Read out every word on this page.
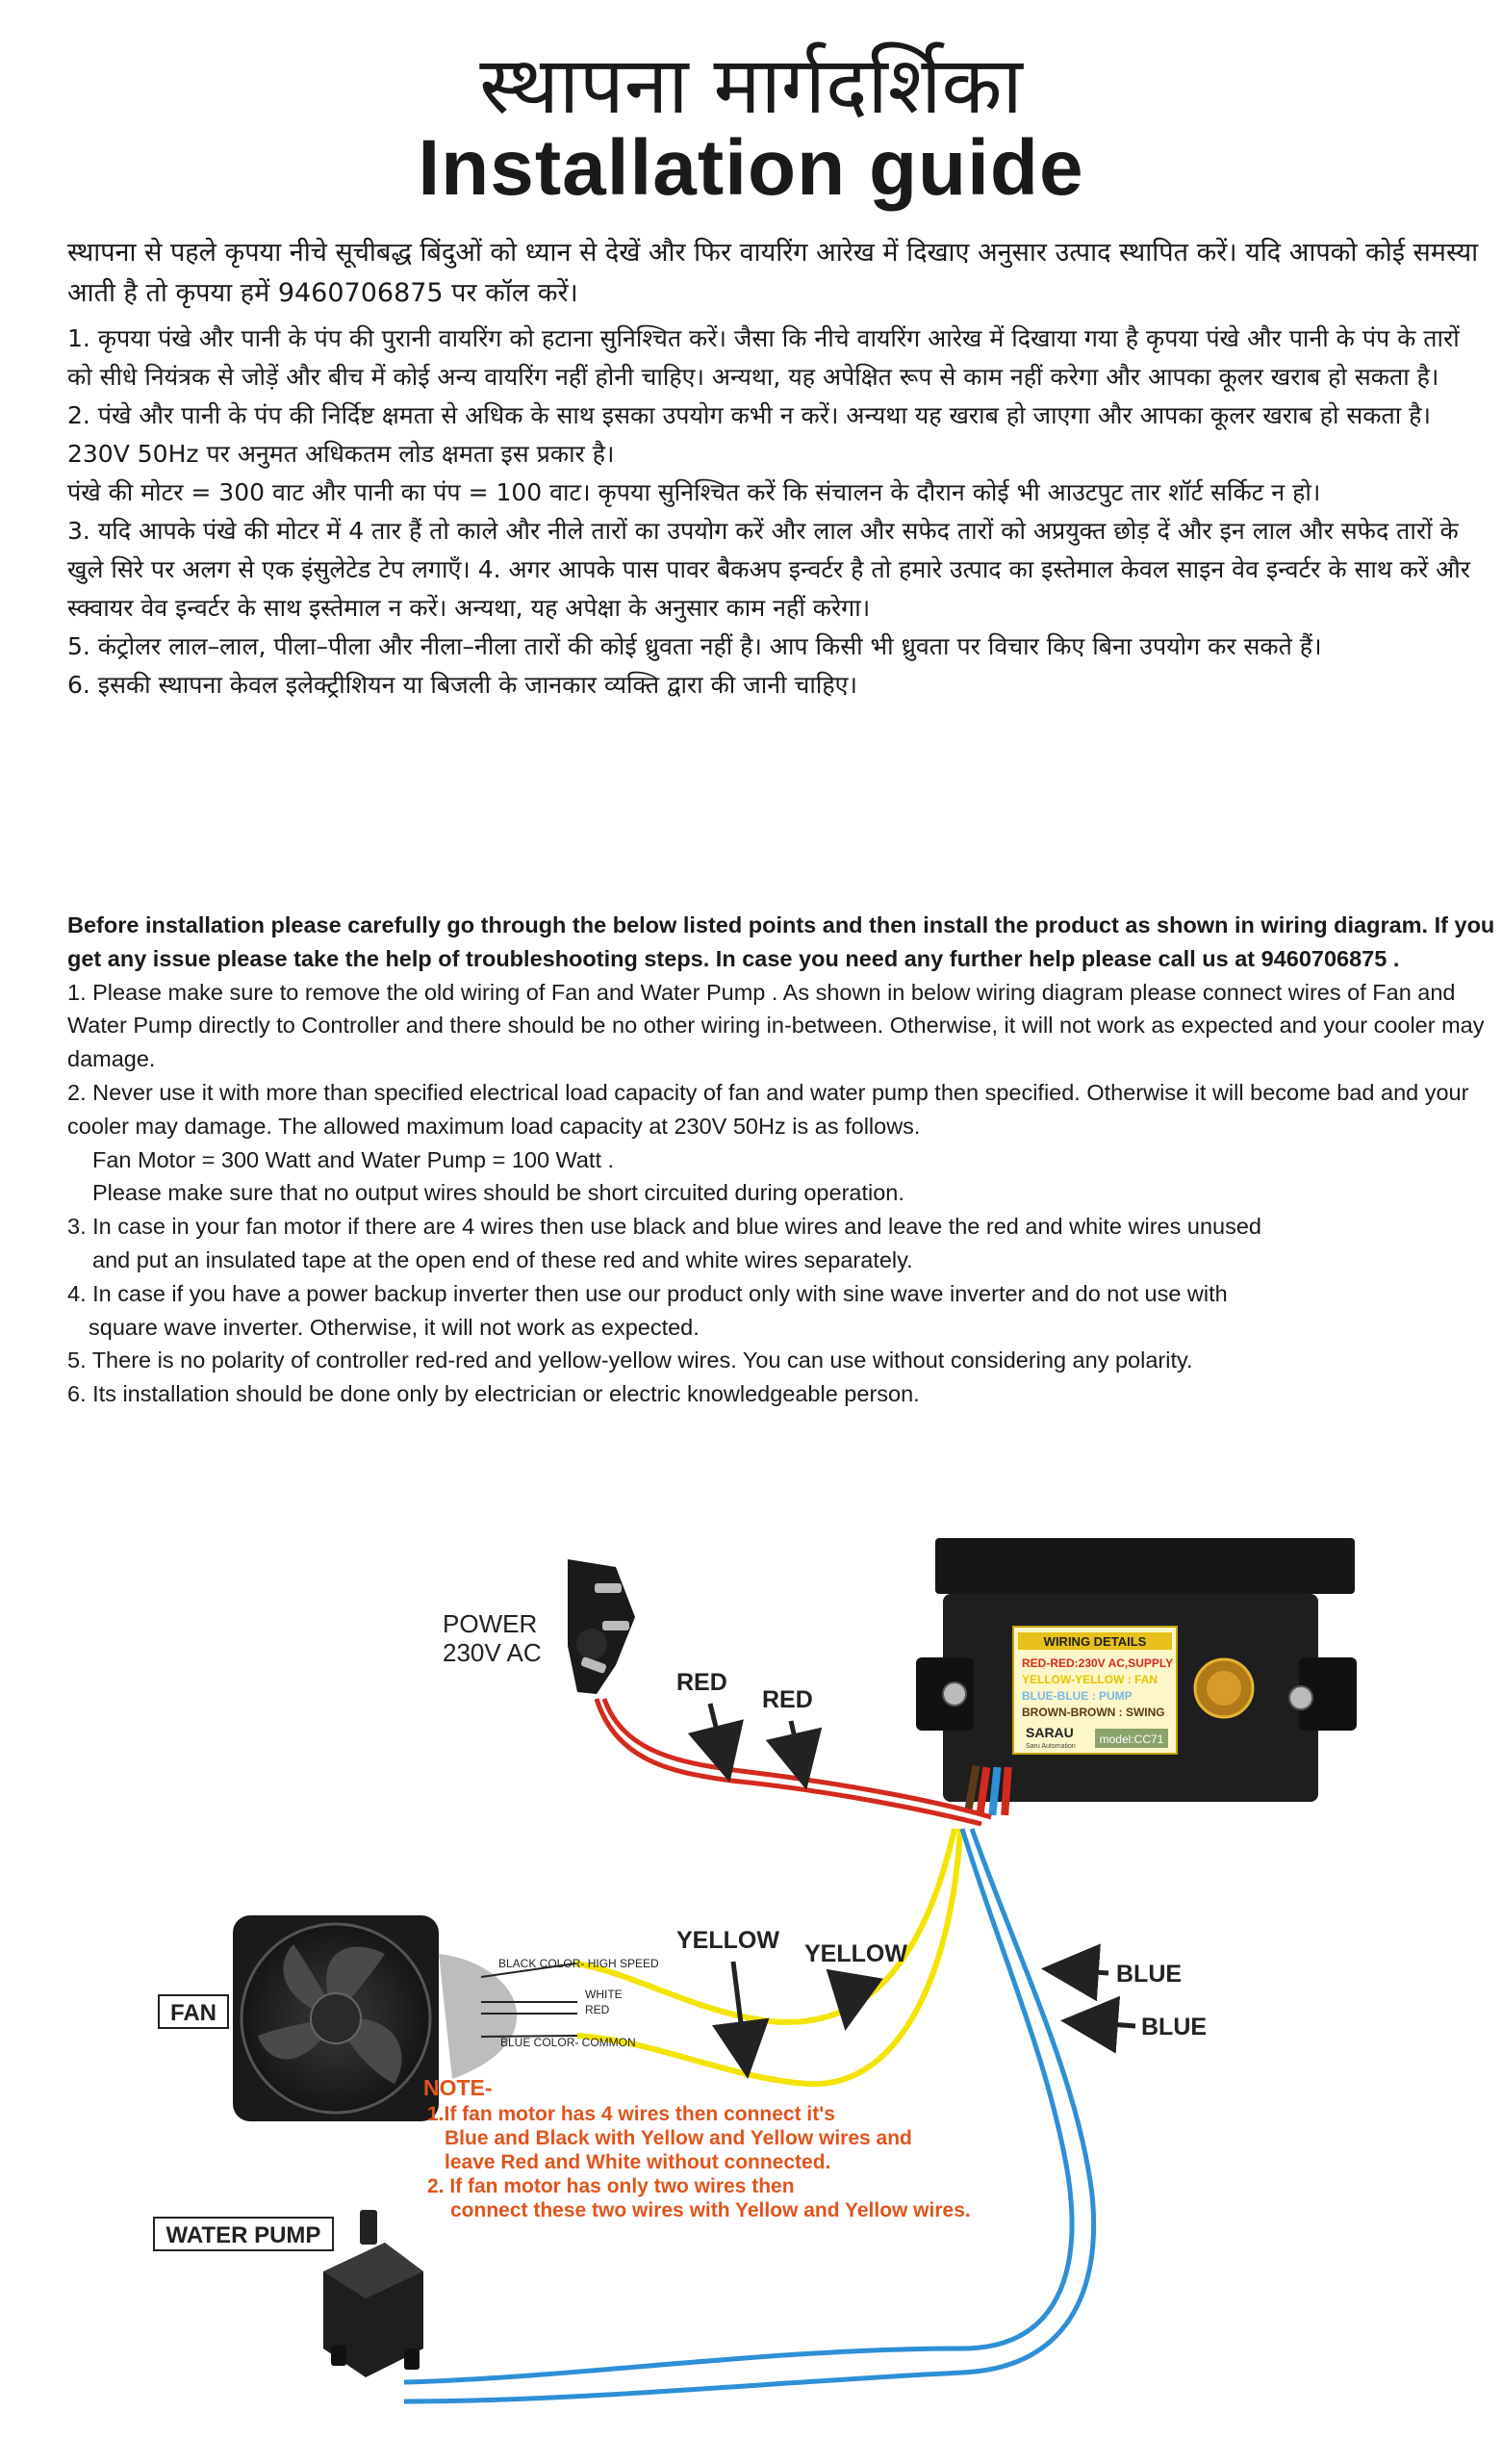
स्थापना मार्गदर्शिका
Installation guide

स्थापना से पहले कृपया नीचे सूचीबद्ध बिंदुओं को ध्यान से देखें और फिर वायरिंग आरेख में दिखाए अनुसार उत्पाद स्थापित करें। यदि आपको कोई समस्या आती है तो कृपया हमें 9460706875 पर कॉल करें।

1. कृपया पंखे और पानी के पंप की पुरानी वायरिंग को हटाना सुनिश्चित करें। जैसा कि नीचे वायरिंग आरेख में दिखाया गया है कृपया पंखे और पानी के पंप के तारों को सीधे नियंत्रक से जोड़ें और बीच में कोई अन्य वायरिंग नहीं होनी चाहिए। अन्यथा, यह अपेक्षित रूप से काम नहीं करेगा और आपका कूलर खराब हो सकता है।

2. पंखे और पानी के पंप की निर्दिष्ट क्षमता से अधिक के साथ इसका उपयोग कभी न करें। अन्यथा यह खराब हो जाएगा और आपका कूलर खराब हो सकता है। 230V 50Hz पर अनुमत अधिकतम लोड क्षमता इस प्रकार है।

पंखे की मोटर = 300 वाट और पानी का पंप = 100 वाट। कृपया सुनिश्चित करें कि संचालन के दौरान कोई भी आउटपुट तार शॉर्ट सर्किट न हो।

3. यदि आपके पंखे की मोटर में 4 तार हैं तो काले और नीले तारों का उपयोग करें और लाल और सफेद तारों को अप्रयुक्त छोड़ दें और इन लाल और सफेद तारों के खुले सिरे पर अलग से एक इंसुलेटेड टेप लगाएँ। 4. अगर आपके पास पावर बैकअप इन्वर्टर है तो हमारे उत्पाद का इस्तेमाल केवल साइन वेव इन्वर्टर के साथ करें और स्क्वायर वेव इन्वर्टर के साथ इस्तेमाल न करें। अन्यथा, यह अपेक्षा के अनुसार काम नहीं करेगा।

5. कंट्रोलर लाल–लाल, पीला–पीला और नीला–नीला तारों की कोई ध्रुवता नहीं है। आप किसी भी ध्रुवता पर विचार किए बिना उपयोग कर सकते हैं।

6. इसकी स्थापना केवल इलेक्ट्रीशियन या बिजली के जानकार व्यक्ति द्वारा की जानी चाहिए।

Before installation please carefully go through the below listed points and then install the product as shown in wiring diagram. If you get any issue please take the help of troubleshooting steps. In case you need any further help please call us at 9460706875 .

1. Please make sure to remove the old wiring of Fan and Water Pump . As shown in below wiring diagram please connect wires of Fan and Water Pump directly to Controller and there should be no other wiring in-between. Otherwise, it will not work as expected and your cooler may damage.

2. Never use it with more than specified electrical load capacity of fan and water pump then specified. Otherwise it will become bad and your cooler may damage. The allowed maximum load capacity at 230V 50Hz is as follows.

Fan Motor = 300 Watt and Water Pump = 100 Watt .

Please make sure that no output wires should be short circuited during operation.

3. In case in your fan motor if there are 4 wires then use black and blue wires and leave the red and white wires unused

and put an insulated tape at the open end of these red and white wires separately.

4. In case if you have a power backup inverter then use our product only with sine wave inverter and do not use with

square wave inverter. Otherwise, it will not work as expected.

5. There is no polarity of controller red-red and yellow-yellow wires. You can use without considering any polarity.

6. Its installation should be done only by electrician or electric knowledgeable person.

WIRING DETAILS
RED-RED:230V AC,SUPPLY
YELLOW-YELLOW : FAN
BLUE-BLUE : PUMP
BROWN-BROWN : SWING
SARAU
Saru Automation
model:CC71
POWER
230V AC
RED
RED
YELLOW YELLOW
BLUE
BLUE
BLACK COLOR- HIGH SPEED
WHITE
RED
BLUE COLOR- COMMON
FAN
NOTE-
1.If fan motor has 4 wires then connect it's
Blue and Black with Yellow and Yellow wires and
leave Red and White without connected.
2. If fan motor has only two wires then
connect these two wires with Yellow and Yellow wires.
WATER PUMP
